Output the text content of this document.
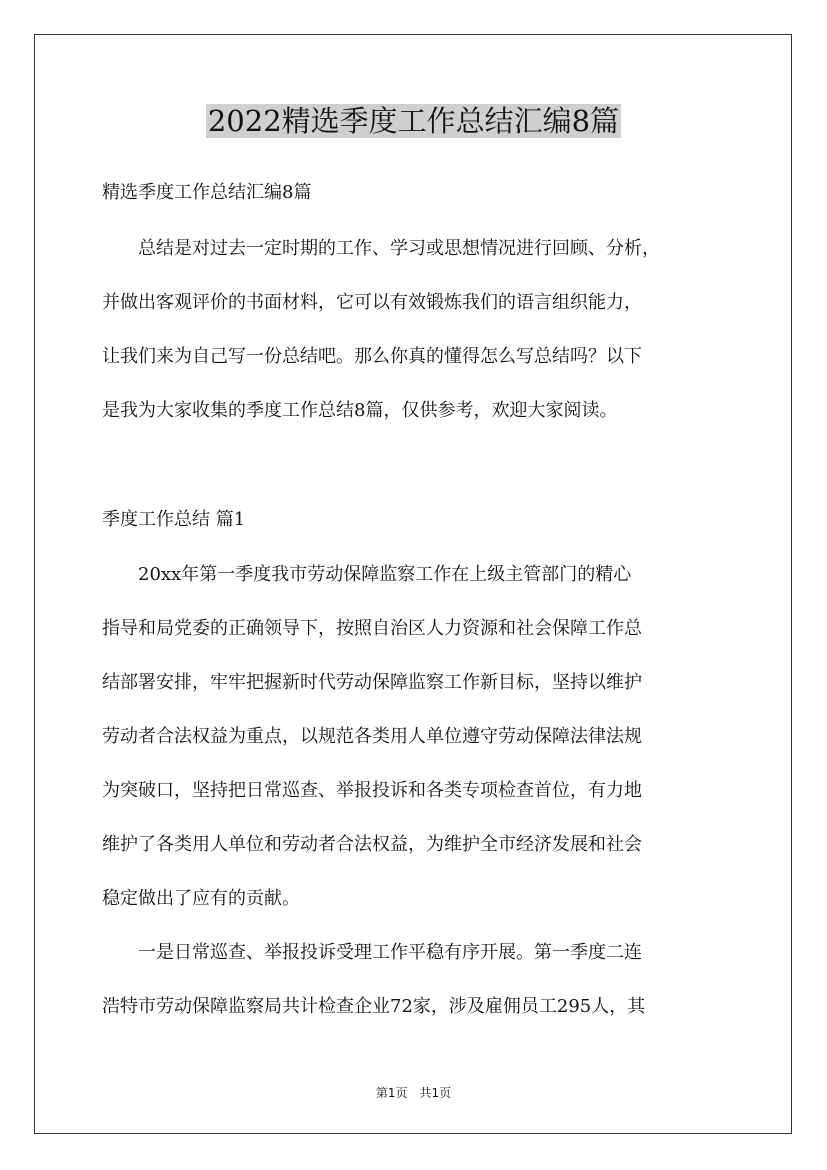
2022精选季度工作总结汇编8篇
精选季度工作总结汇编8篇
　　总结是对过去一定时期的工作、学习或思想情况进行回顾、分析，
并做出客观评价的书面材料，它可以有效锻炼我们的语言组织能力，
让我们来为自己写一份总结吧。那么你真的懂得怎么写总结吗？以下
是我为大家收集的季度工作总结8篇，仅供参考，欢迎大家阅读。
季度工作总结 篇1
　　20xx年第一季度我市劳动保障监察工作在上级主管部门的精心
指导和局党委的正确领导下，按照自治区人力资源和社会保障工作总
结部署安排，牢牢把握新时代劳动保障监察工作新目标，坚持以维护
劳动者合法权益为重点，以规范各类用人单位遵守劳动保障法律法规
为突破口，坚持把日常巡查、举报投诉和各类专项检查首位，有力地
维护了各类用人单位和劳动者合法权益，为维护全市经济发展和社会
稳定做出了应有的贡献。
　　一是日常巡查、举报投诉受理工作平稳有序开展。第一季度二连
浩特市劳动保障监察局共计检查企业72家，涉及雇佣员工295人，其
第1页　共1页
